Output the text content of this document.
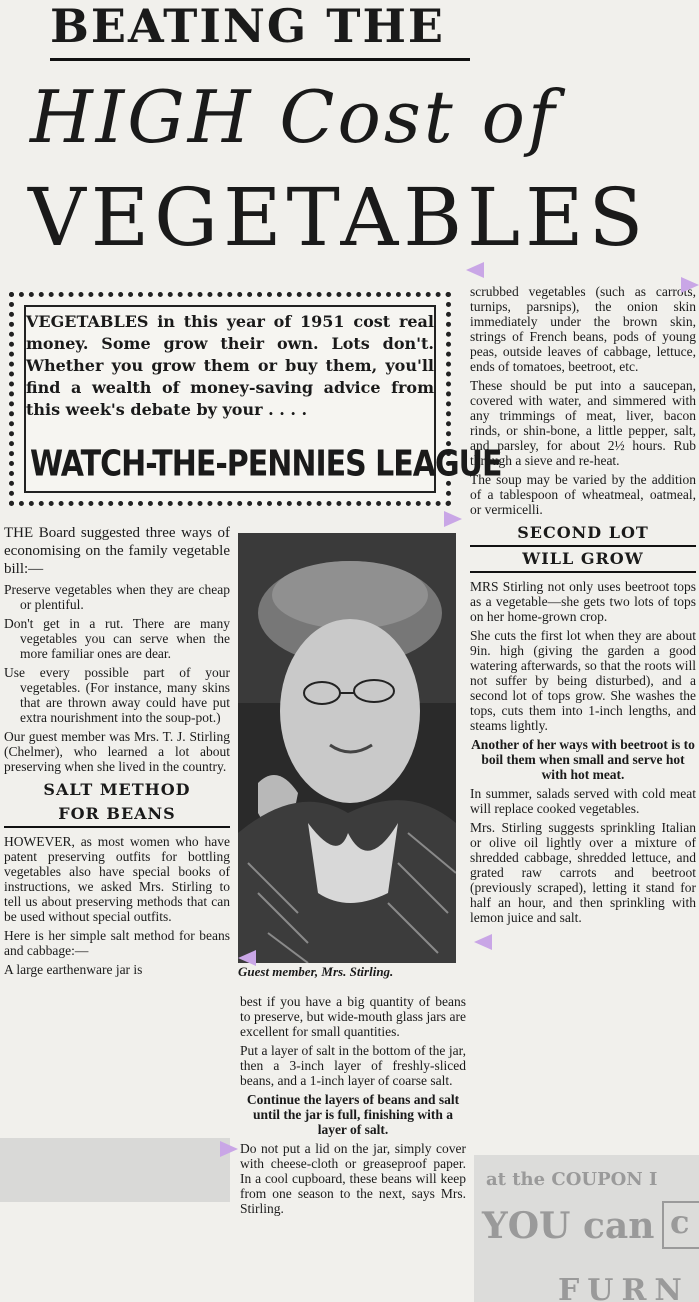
BEATING THE
HIGH Cost of
VEGETABLES
VEGETABLES in this year of 1951 cost real money. Some grow their own. Lots don't. Whether you grow them or buy them, you'll find a wealth of money-saving advice from this week's debate by your . . . .
WATCH-THE-PENNIES LEAGUE

THE Board suggested three ways of economising on the family vegetable bill:—

Preserve vegetables when they are cheap or plentiful.

Don't get in a rut. There are many vegetables you can serve when the more familiar ones are dear.

Use every possible part of your vegetables. (For instance, many skins that are thrown away could have put extra nourishment into the soup-pot.)

Our guest member was Mrs. T. J. Stirling (Chelmer), who learned a lot about preserving when she lived in the country.

SALT METHOD
FOR BEANS

HOWEVER, as most women who have patent preserving outfits for bottling vegetables also have special books of instructions, we asked Mrs. Stirling to tell us about preserving methods that can be used without special outfits.

Here is her simple salt method for beans and cabbage:—

A large earthenware jar is	Guest member, Mrs. Stirling.

best if you have a big quantity of beans to preserve, but wide-mouth glass jars are excellent for small quantities.

Put a layer of salt in the bottom of the jar, then a 3-inch layer of freshly-sliced beans, and a 1-inch layer of coarse salt.

Continue the layers of beans and salt until the jar is full, finishing with a layer of salt.

Do not put a lid on the jar, simply cover with cheese-cloth or greaseproof paper. In a cool cupboard, these beans will keep from one season to the next, says Mrs. Stirling.

scrubbed vegetables (such as carrots, turnips, parsnips), the onion skin immediately under the brown skin, strings of French beans, pods of young peas, outside leaves of cabbage, lettuce, ends of tomatoes, beetroot, etc.

These should be put into a saucepan, covered with water, and simmered with any trimmings of meat, liver, bacon rinds, or shin-bone, a little pepper, salt, and parsley, for about 2½ hours. Rub through a sieve and re-heat.

The soup may be varied by the addition of a tablespoon of wheatmeal, oatmeal, or vermicelli.

SECOND LOT
WILL GROW

MRS Stirling not only uses beetroot tops as a vegetable—she gets two lots of tops on her home-grown crop.

She cuts the first lot when they are about 9in. high (giving the garden a good watering afterwards, so that the roots will not suffer by being disturbed), and a second lot of tops grow. She washes the tops, cuts them into 1-inch lengths, and steams lightly.

Another of her ways with beetroot is to boil them when small and serve hot with hot meat.

In summer, salads served with cold meat will replace cooked vegetables.

Mrs. Stirling suggests sprinkling Italian or olive oil lightly over a mixture of shredded cabbage, shredded lettuce, and grated raw carrots and beetroot (previously scraped), letting it stand for half an hour, and then sprinkling with lemon juice and salt.

at the COUPON I
YOU can c
FURN
